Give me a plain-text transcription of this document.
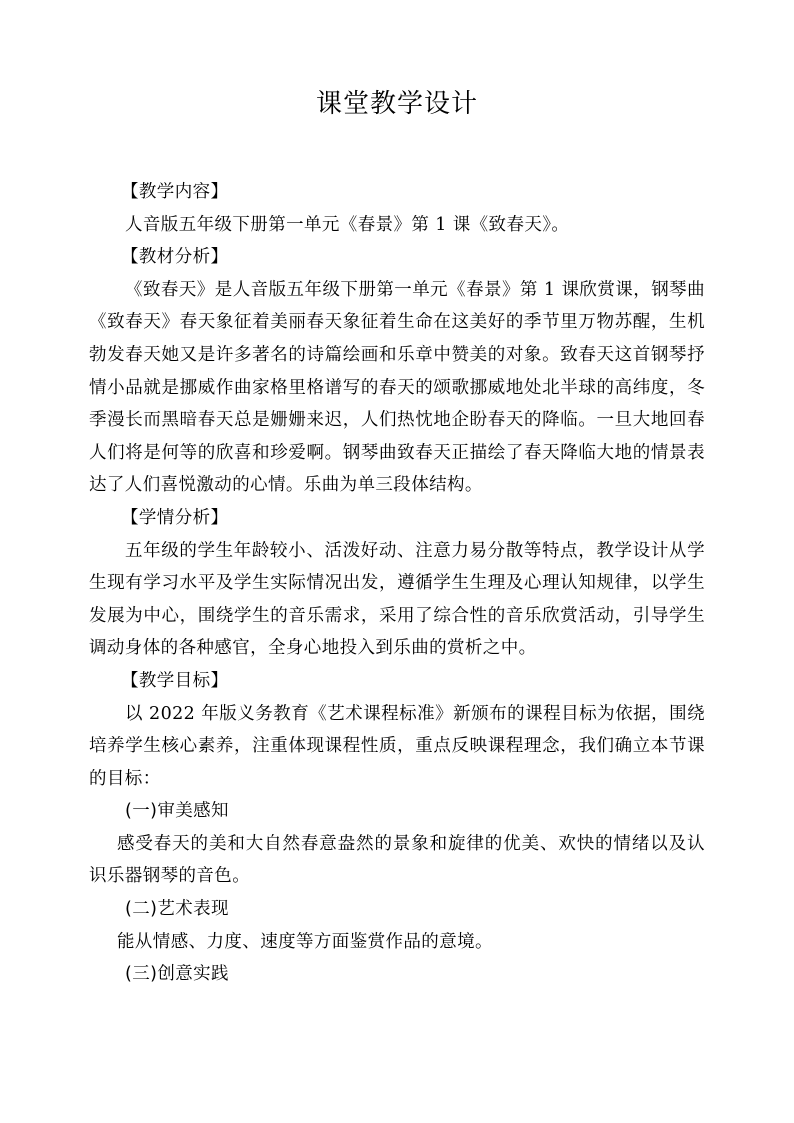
课堂教学设计

【教学内容】

人音版五年级下册第一单元《春景》第 1 课《致春天》。

【教材分析】

《致春天》是人音版五年级下册第一单元《春景》第 1 课欣赏课，钢琴曲《致春天》春天象征着美丽春天象征着生命在这美好的季节里万物苏醒，生机勃发春天她又是许多著名的诗篇绘画和乐章中赞美的对象。致春天这首钢琴抒情小品就是挪威作曲家格里格谱写的春天的颂歌挪威地处北半球的高纬度，冬季漫长而黑暗春天总是姗姗来迟，人们热忱地企盼春天的降临。一旦大地回春人们将是何等的欣喜和珍爱啊。钢琴曲致春天正描绘了春天降临大地的情景表达了人们喜悦激动的心情。乐曲为单三段体结构。

【学情分析】

五年级的学生年龄较小、活泼好动、注意力易分散等特点，教学设计从学生现有学习水平及学生实际情况出发，遵循学生生理及心理认知规律，以学生发展为中心，围绕学生的音乐需求，采用了综合性的音乐欣赏活动，引导学生调动身体的各种感官，全身心地投入到乐曲的赏析之中。

【教学目标】

以 2022 年版义务教育《艺术课程标准》新颁布的课程目标为依据，围绕培养学生核心素养，注重体现课程性质，重点反映课程理念，我们确立本节课的目标：

(一)审美感知

感受春天的美和大自然春意盎然的景象和旋律的优美、欢快的情绪以及认识乐器钢琴的音色。

(二)艺术表现

能从情感、力度、速度等方面鉴赏作品的意境。

(三)创意实践
